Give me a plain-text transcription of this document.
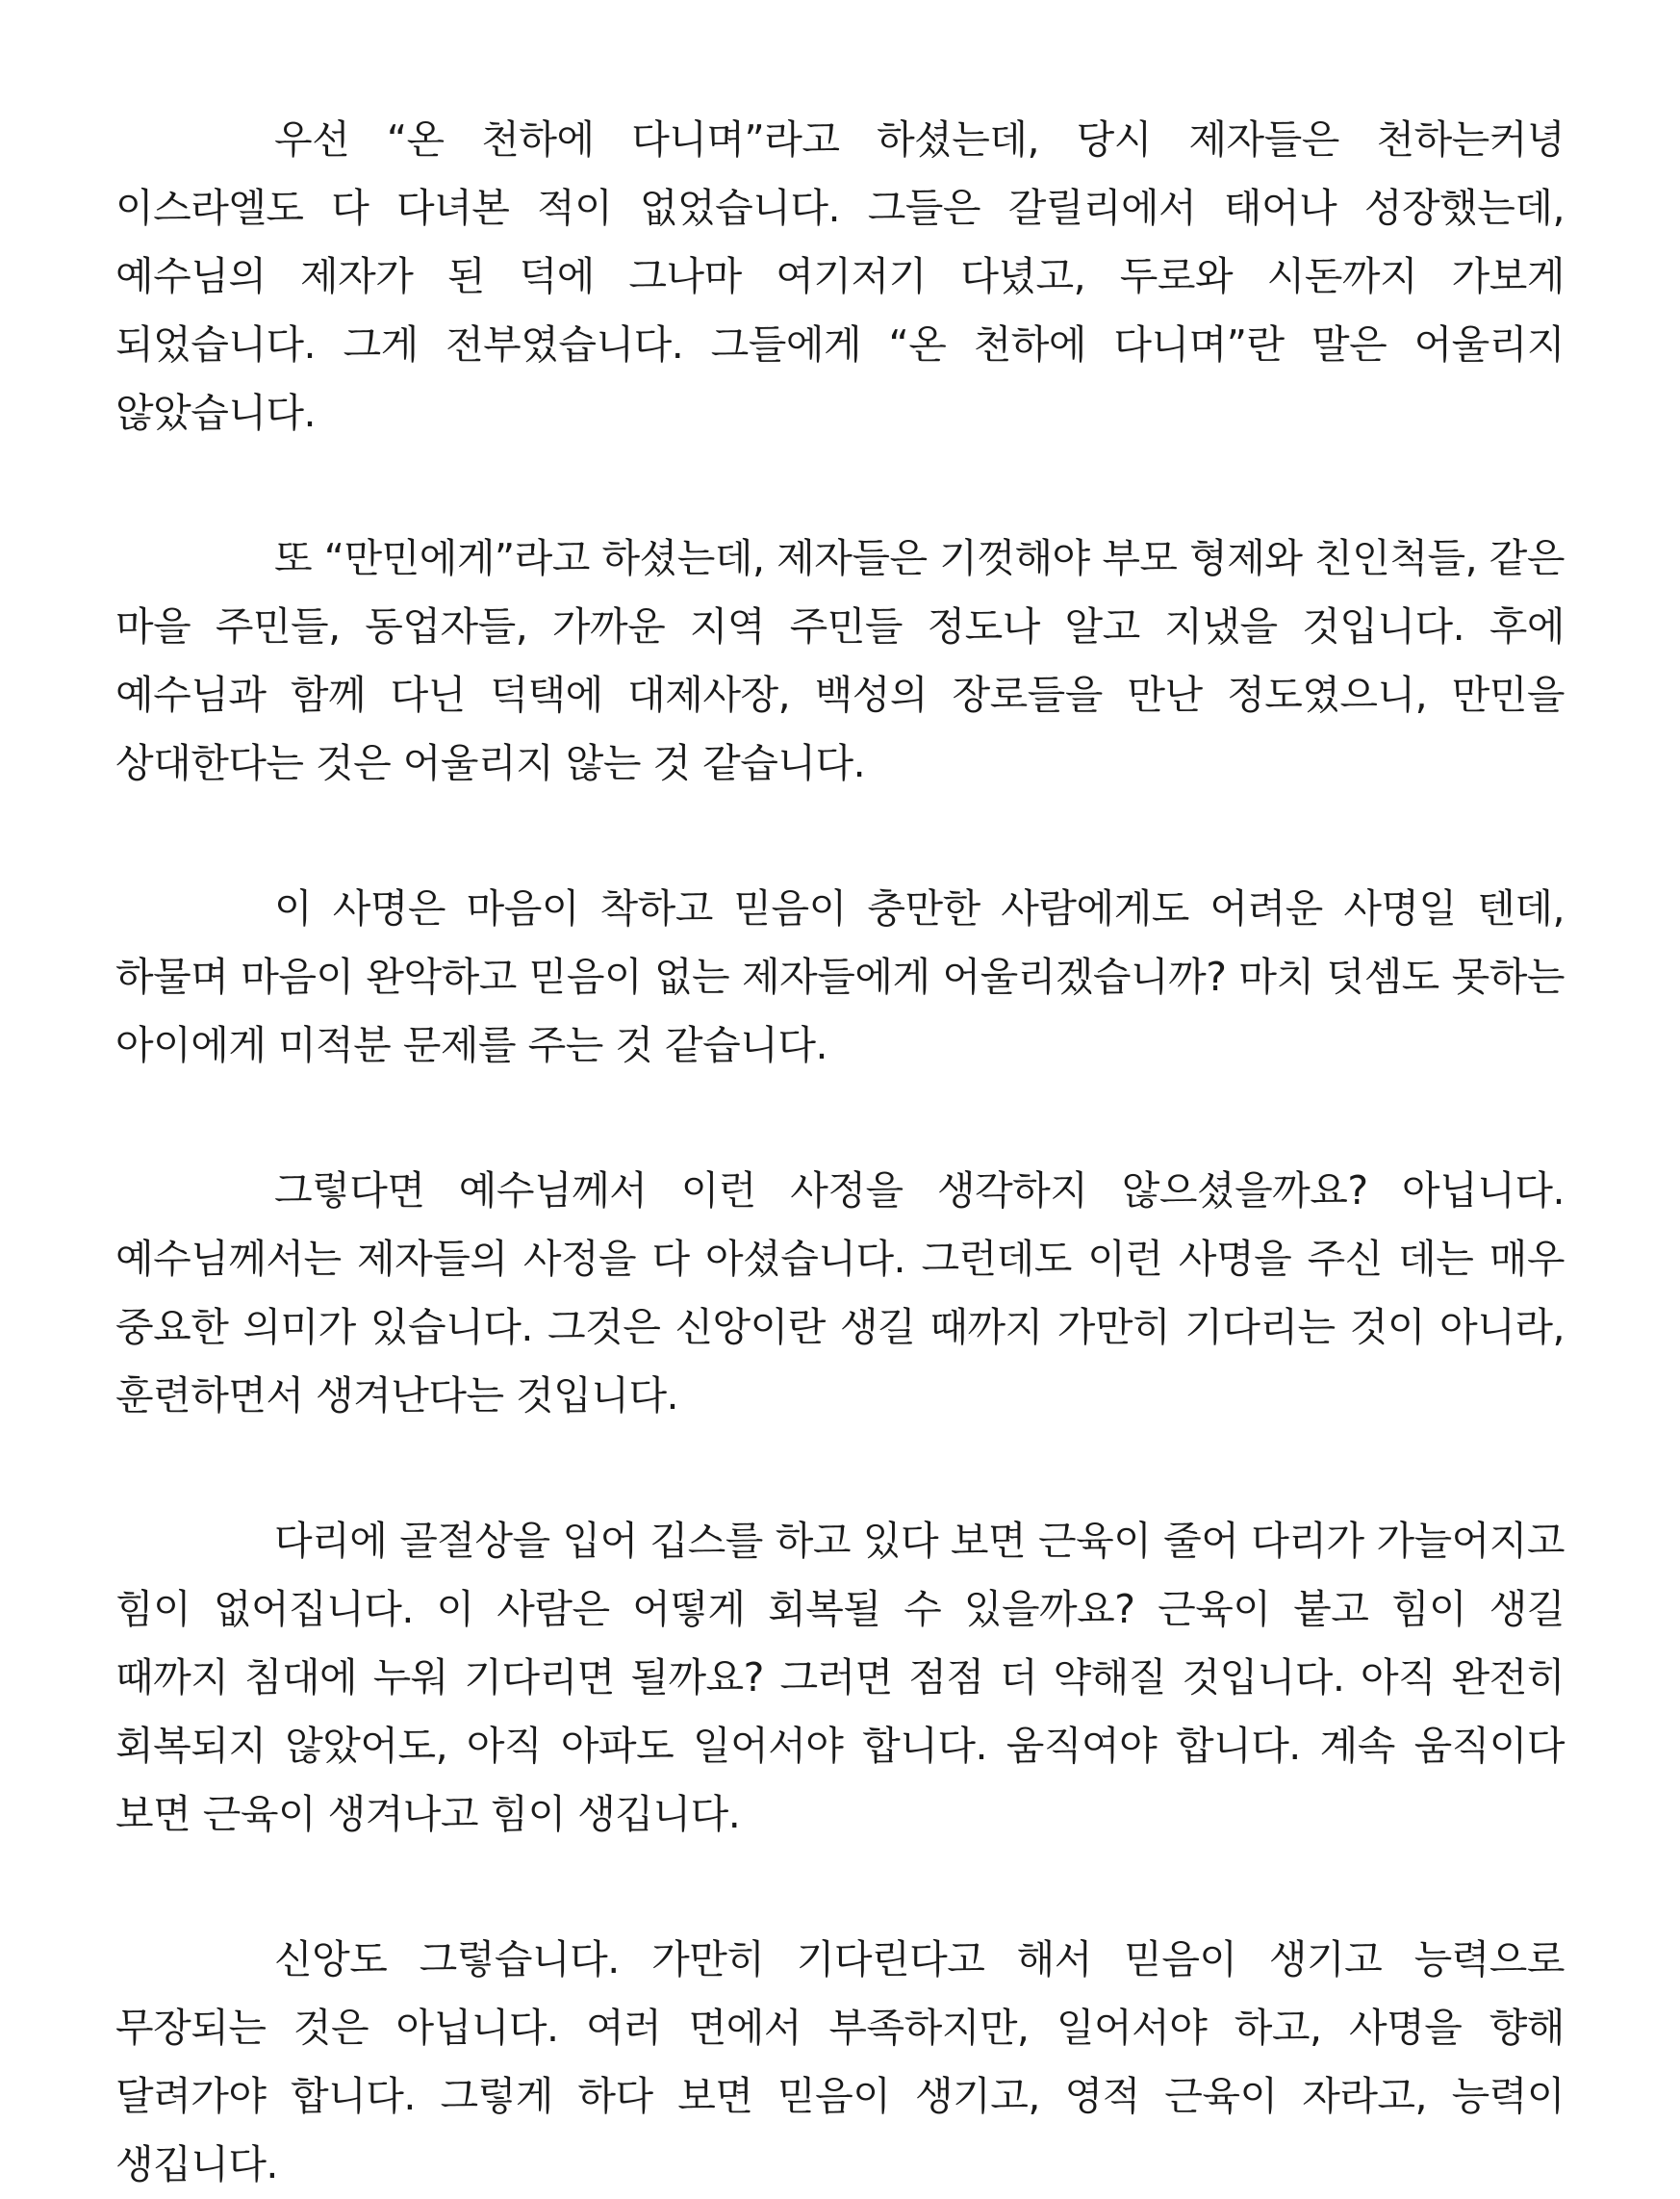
우선 “온 천하에 다니며”라고 하셨는데, 당시 제자들은 천하는커녕 이스라엘도 다 다녀본 적이 없었습니다. 그들은 갈릴리에서 태어나 성장했는데, 예수님의 제자가 된 덕에 그나마 여기저기 다녔고, 두로와 시돈까지 가보게 되었습니다. 그게 전부였습니다. 그들에게 “온 천하에 다니며”란 말은 어울리지 않았습니다.

또 “만민에게”라고 하셨는데, 제자들은 기껏해야 부모 형제와 친인척들, 같은 마을 주민들, 동업자들, 가까운 지역 주민들 정도나 알고 지냈을 것입니다. 후에 예수님과 함께 다닌 덕택에 대제사장, 백성의 장로들을 만난 정도였으니, 만민을 상대한다는 것은 어울리지 않는 것 같습니다.

이 사명은 마음이 착하고 믿음이 충만한 사람에게도 어려운 사명일 텐데, 하물며 마음이 완악하고 믿음이 없는 제자들에게 어울리겠습니까? 마치 덧셈도 못하는 아이에게 미적분 문제를 주는 것 같습니다.

그렇다면 예수님께서 이런 사정을 생각하지 않으셨을까요? 아닙니다. 예수님께서는 제자들의 사정을 다 아셨습니다. 그런데도 이런 사명을 주신 데는 매우 중요한 의미가 있습니다. 그것은 신앙이란 생길 때까지 가만히 기다리는 것이 아니라, 훈련하면서 생겨난다는 것입니다.

다리에 골절상을 입어 깁스를 하고 있다 보면 근육이 줄어 다리가 가늘어지고 힘이 없어집니다. 이 사람은 어떻게 회복될 수 있을까요? 근육이 붙고 힘이 생길 때까지 침대에 누워 기다리면 될까요? 그러면 점점 더 약해질 것입니다. 아직 완전히 회복되지 않았어도, 아직 아파도 일어서야 합니다. 움직여야 합니다. 계속 움직이다 보면 근육이 생겨나고 힘이 생깁니다.

신앙도 그렇습니다. 가만히 기다린다고 해서 믿음이 생기고 능력으로 무장되는 것은 아닙니다. 여러 면에서 부족하지만, 일어서야 하고, 사명을 향해 달려가야 합니다. 그렇게 하다 보면 믿음이 생기고, 영적 근육이 자라고, 능력이 생깁니다.
